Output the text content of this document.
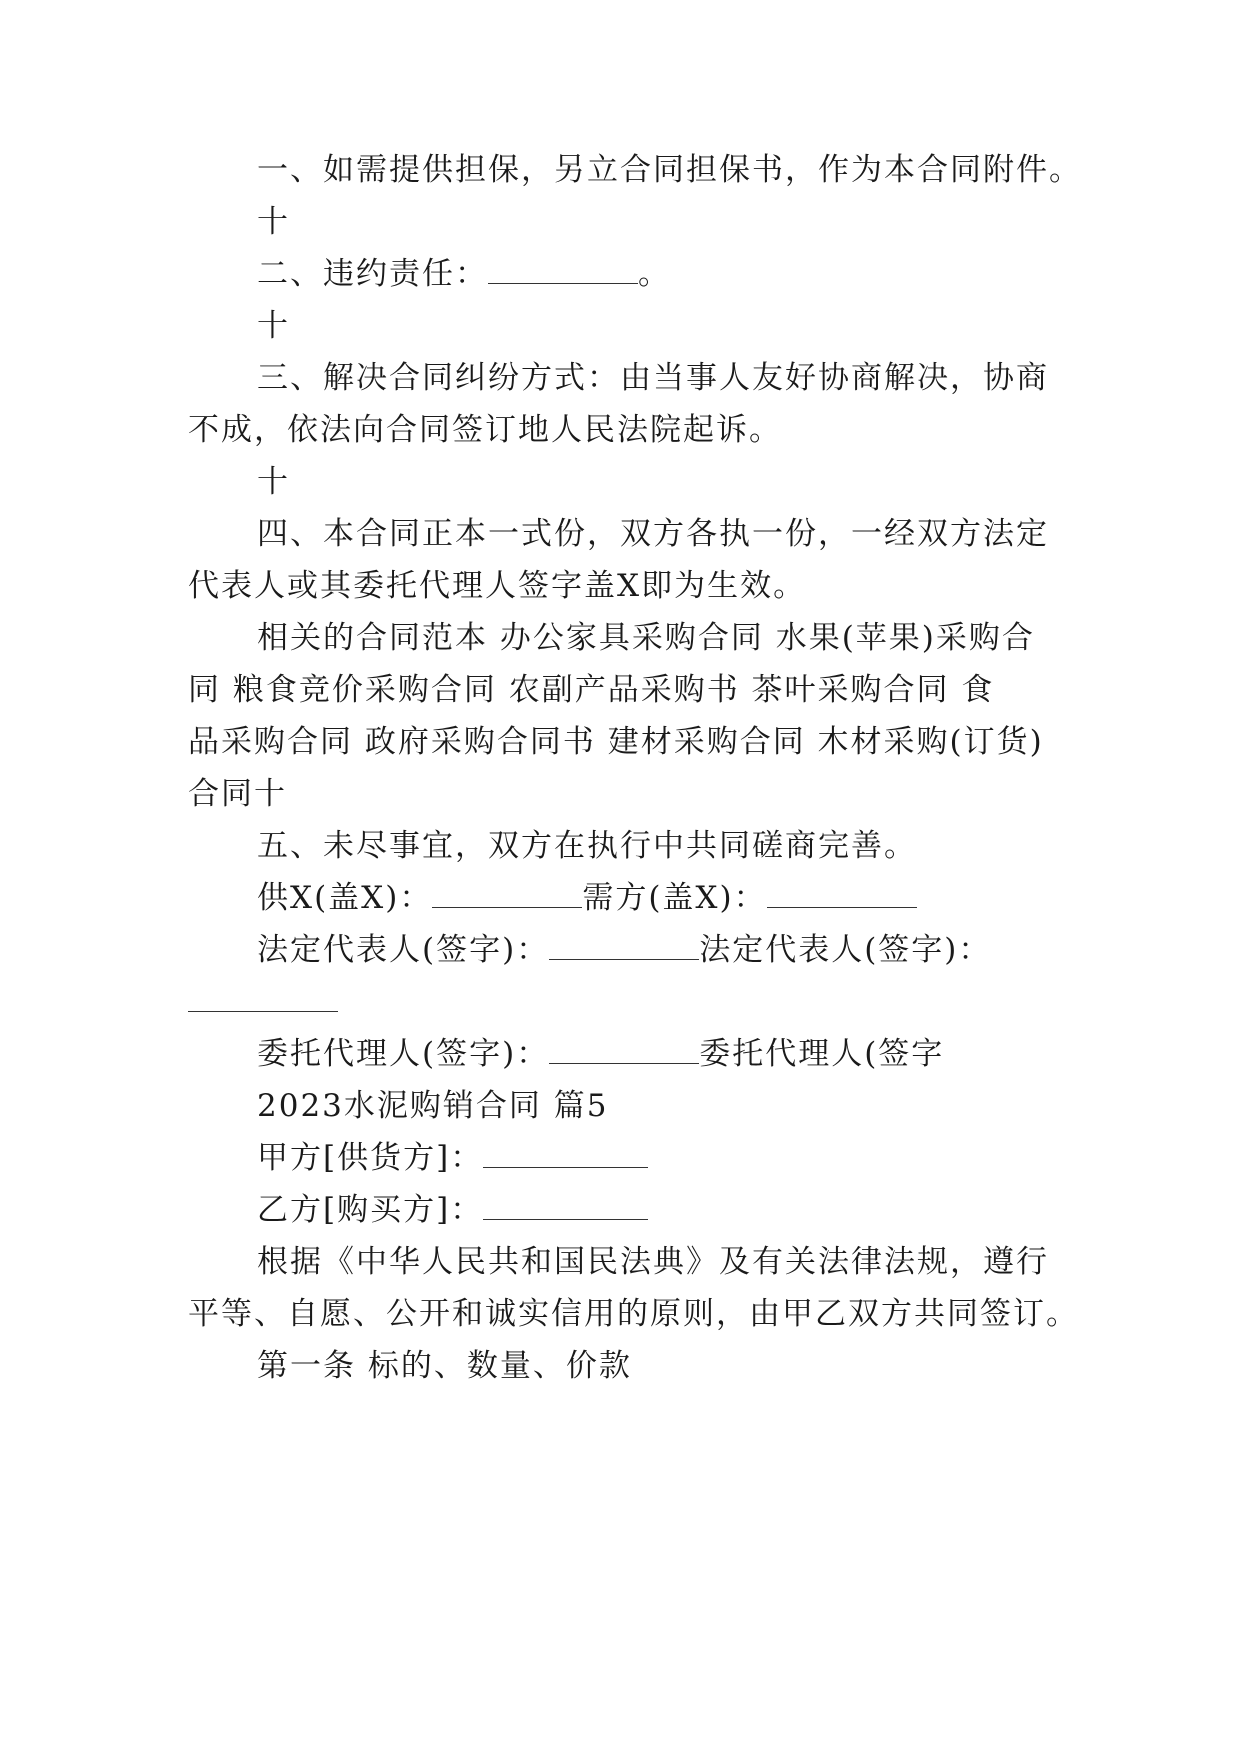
一、如需提供担保，另立合同担保书，作为本合同附件。
十
二、违约责任：	。
十
三、解决合同纠纷方式：由当事人友好协商解决，协商
不成，依法向合同签订地人民法院起诉。
十
四、本合同正本一式份，双方各执一份，一经双方法定
代表人或其委托代理人签字盖X即为生效。
相关的合同范本 办公家具采购合同 水果(苹果)采购合
同 粮食竞价采购合同 农副产品采购书 茶叶采购合同 食
品采购合同 政府采购合同书 建材采购合同 木材采购(订货)
合同十
五、未尽事宜，双方在执行中共同磋商完善。
供X(盖X)：	需方(盖X)：
法定代表人(签字)：	法定代表人(签字)：
委托代理人(签字)：	委托代理人(签字
2023水泥购销合同 篇5
甲方[供货方]：
乙方[购买方]：
根据《中华人民共和国民法典》及有关法律法规，遵行
平等、自愿、公开和诚实信用的原则，由甲乙双方共同签订。
第一条 标的、数量、价款
